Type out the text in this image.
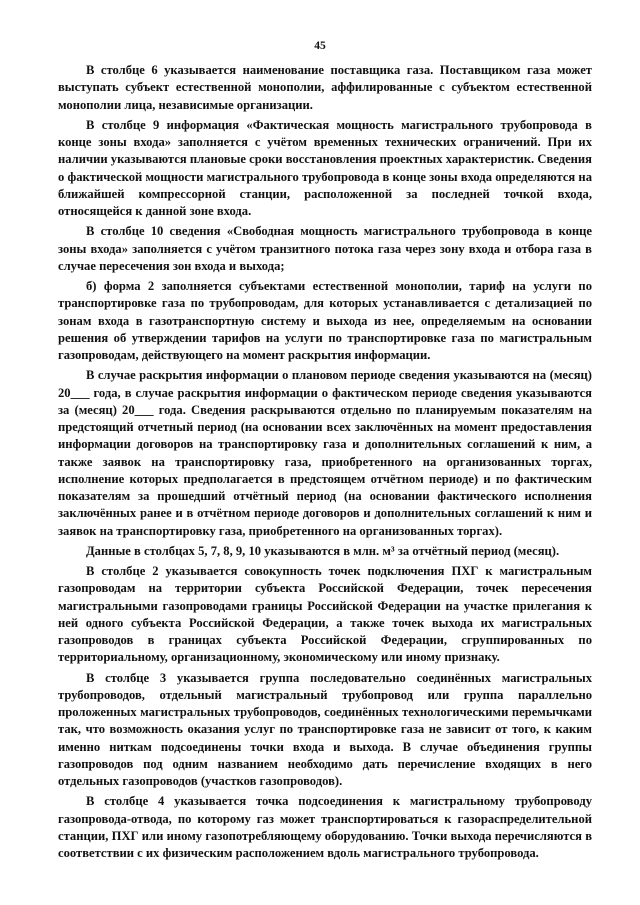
45

В столбце 6 указывается наименование поставщика газа. Поставщиком газа может выступать субъект естественной монополии, аффилированные с субъектом естественной монополии лица, независимые организации.

В столбце 9 информация «Фактическая мощность магистрального трубопровода в конце зоны входа» заполняется с учётом временных технических ограничений. При их наличии указываются плановые сроки восстановления проектных характеристик. Сведения о фактической мощности магистрального трубопровода в конце зоны входа определяются на ближайшей компрессорной станции, расположенной за последней точкой входа, относящейся к данной зоне входа.

В столбце 10 сведения «Свободная мощность магистрального трубопровода в конце зоны входа» заполняется с учётом транзитного потока газа через зону входа и отбора газа в случае пересечения зон входа и выхода;

б) форма 2 заполняется субъектами естественной монополии, тариф на услуги по транспортировке газа по трубопроводам, для которых устанавливается с детализацией по зонам входа в газотранспортную систему и выхода из нее, определяемым на основании решения об утверждении тарифов на услуги по транспортировке газа по магистральным газопроводам, действующего на момент раскрытия информации.

В случае раскрытия информации о плановом периоде сведения указываются на (месяц) 20___ года, в случае раскрытия информации о фактическом периоде сведения указываются за (месяц) 20___ года. Сведения раскрываются отдельно по планируемым показателям на предстоящий отчетный период (на основании всех заключённых на момент предоставления информации договоров на транспортировку газа и дополнительных соглашений к ним, а также заявок на транспортировку газа, приобретенного на организованных торгах, исполнение которых предполагается в предстоящем отчётном периоде) и по фактическим показателям за прошедший отчётный период (на основании фактического исполнения заключённых ранее и в отчётном периоде договоров и дополнительных соглашений к ним и заявок на транспортировку газа, приобретенного на организованных торгах).

Данные в столбцах 5, 7, 8, 9, 10 указываются в млн. м³ за отчётный период (месяц).

В столбце 2 указывается совокупность точек подключения ПХГ к магистральным газопроводам на территории субъекта Российской Федерации, точек пересечения магистральными газопроводами границы Российской Федерации на участке прилегания к ней одного субъекта Российской Федерации, а также точек выхода их магистральных газопроводов в границах субъекта Российской Федерации, сгруппированных по территориальному, организационному, экономическому или иному признаку.

В столбце 3 указывается группа последовательно соединённых магистральных трубопроводов, отдельный магистральный трубопровод или группа параллельно проложенных магистральных трубопроводов, соединённых технологическими перемычками так, что возможность оказания услуг по транспортировке газа не зависит от того, к каким именно ниткам подсоединены точки входа и выхода. В случае объединения группы газопроводов под одним названием необходимо дать перечисление входящих в него отдельных газопроводов (участков газопроводов).

В столбце 4 указывается точка подсоединения к магистральному трубопроводу газопровода-отвода, по которому газ может транспортироваться к газораспределительной станции, ПХГ или иному газопотребляющему оборудованию. Точки выхода перечисляются в соответствии с их физическим расположением вдоль магистрального трубопровода.
